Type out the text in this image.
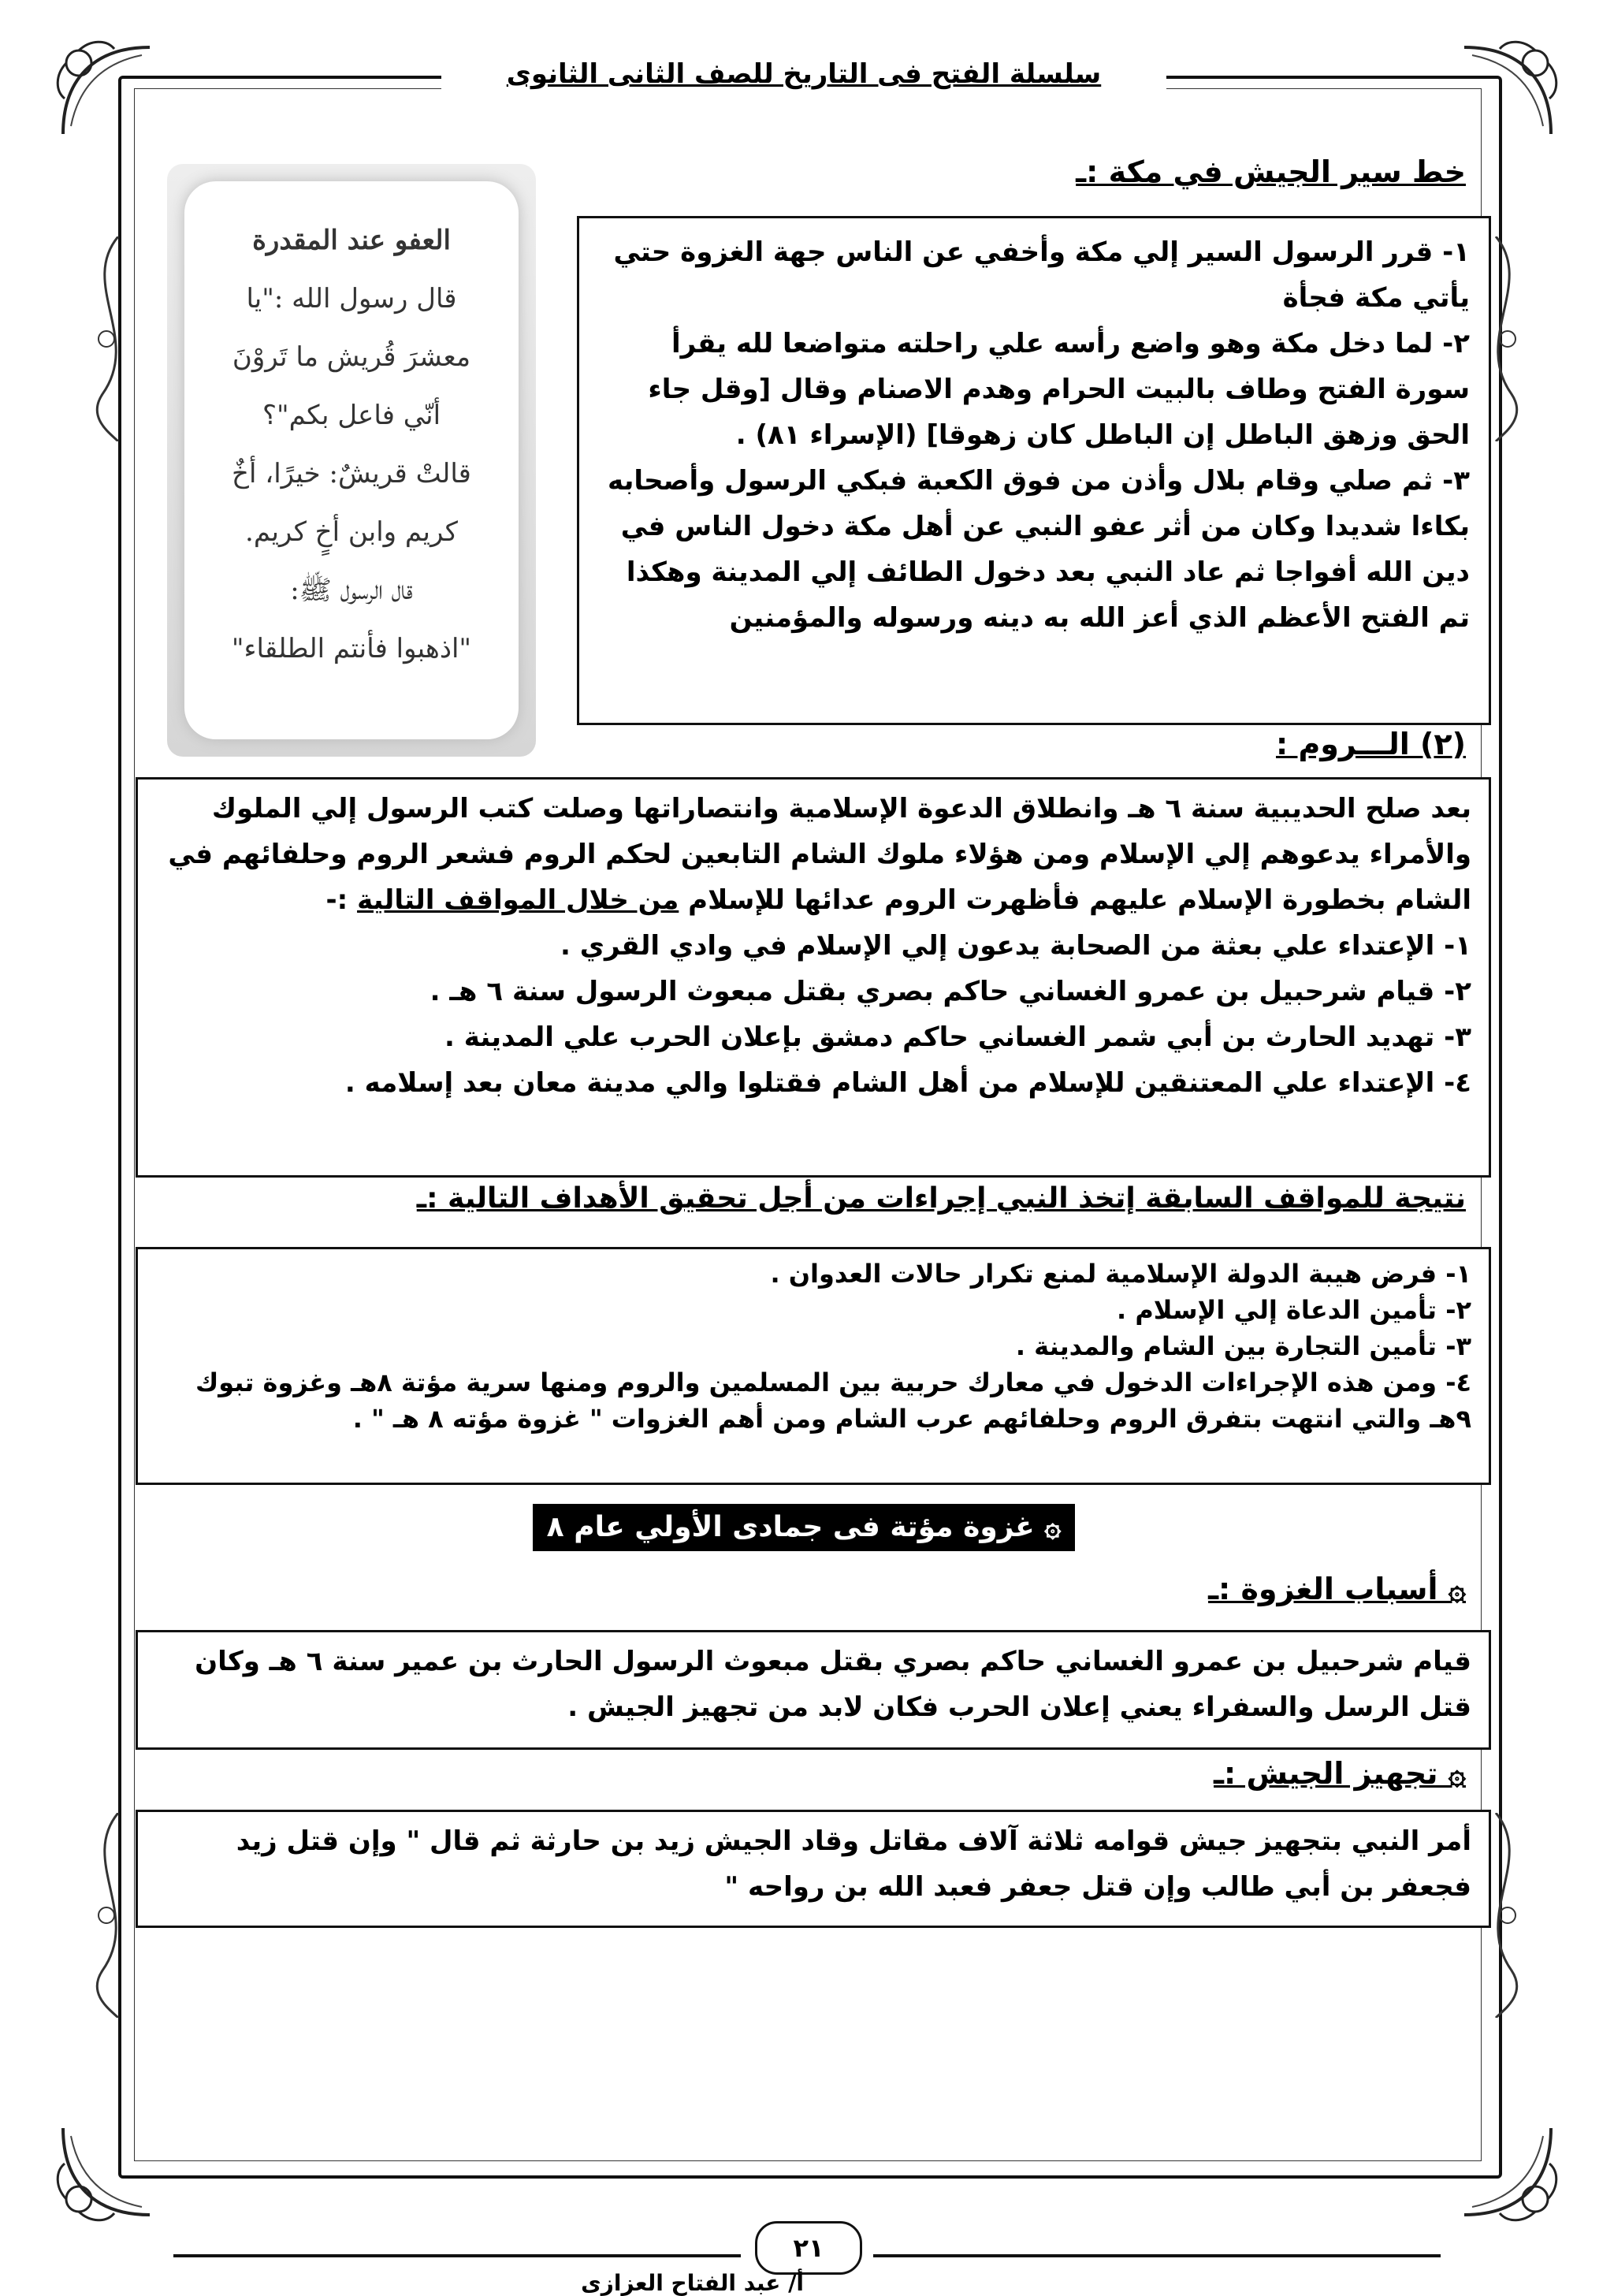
سلسلة الفتح فى التاريخ للصف الثانى الثانوى
خط سير الجيش في مكة :ـ

١- قرر الرسول السير إلي مكة وأخفي عن الناس جهة الغزوة حتي يأتي مكة فجأة

٢- لما دخل مكة وهو واضع رأسه علي راحلته متواضعا لله يقرأ سورة الفتح وطاف بالبيت الحرام وهدم الاصنام وقال [وقل جاء الحق وزهق الباطل إن الباطل كان زهوقا] (الإسراء ٨١) .

٣- ثم صلي وقام بلال وأذن من فوق الكعبة فبكي الرسول وأصحابه بكاءا شديدا وكان من أثر عفو النبي عن أهل مكة دخول الناس في دين الله أفواجا ثم عاد النبي بعد دخول الطائف إلي المدينة وهكذا تم الفتح الأعظم الذي أعز الله به دينه ورسوله والمؤمنين

العفو عند المقدرة

قال رسول الله :"يا

معشرَ قُريش ما تَروْنَ

أنّي فاعل بكم"؟

قالتْ قريشٌ: خيرًا، أخٌ

كريم وابن أخٍ كريم.

قال الرسول ﷺ:

"اذهبوا فأنتم الطلقاء"

(٢) الـــروم :

بعد صلح الحديبية سنة ٦ هـ وانطلاق الدعوة الإسلامية وانتصاراتها وصلت كتب الرسول إلي الملوك والأمراء يدعوهم إلي الإسلام ومن هؤلاء ملوك الشام التابعين لحكم الروم فشعر الروم وحلفائهم في الشام بخطورة الإسلام عليهم فأظهرت الروم عدائها للإسلام من خلال المواقف التالية :-

١- الإعتداء علي بعثة من الصحابة يدعون إلي الإسلام في وادي القري .

٢- قيام شرحبيل بن عمرو الغساني حاكم بصري بقتل مبعوث الرسول سنة ٦ هـ .

٣- تهديد الحارث بن أبي شمر الغساني حاكم دمشق بإعلان الحرب علي المدينة .

٤- الإعتداء علي المعتنقين للإسلام من أهل الشام فقتلوا والي مدينة معان بعد إسلامه .

نتيجة للمواقف السابقة إتخذ النبي إجراءات من أجل تحقيق الأهداف التالية :ـ

١- فرض هيبة الدولة الإسلامية لمنع تكرار حالات العدوان .

٢- تأمين الدعاة إلي الإسلام .

٣- تأمين التجارة بين الشام والمدينة .

٤- ومن هذه الإجراءات الدخول في معارك حربية بين المسلمين والروم ومنها سرية مؤتة ٨هـ وغزوة تبوك ٩هـ والتي انتهت بتفرق الروم وحلفائهم عرب الشام ومن أهم الغزوات " غزوة مؤته ٨ هـ " .

۞ غزوة مؤتة فى جمادى الأولي عام ٨ هـ ۞	۞ أسباب الغزوة :ـ

قيام شرحبيل بن عمرو الغساني حاكم بصري بقتل مبعوث الرسول الحارث بن عمير سنة ٦ هـ وكان قتل الرسل والسفراء يعني إعلان الحرب فكان لابد من تجهيز الجيش .

۞ تجهيز الجيش :ـ

أمر النبي بتجهيز جيش قوامه ثلاثة آلاف مقاتل وقاد الجيش زيد بن حارثة ثم قال " وإن قتل زيد فجعفر بن أبي طالب وإن قتل جعفر فعبد الله بن رواحه "

٢١
أ/ عبد الفتاح العزازى
